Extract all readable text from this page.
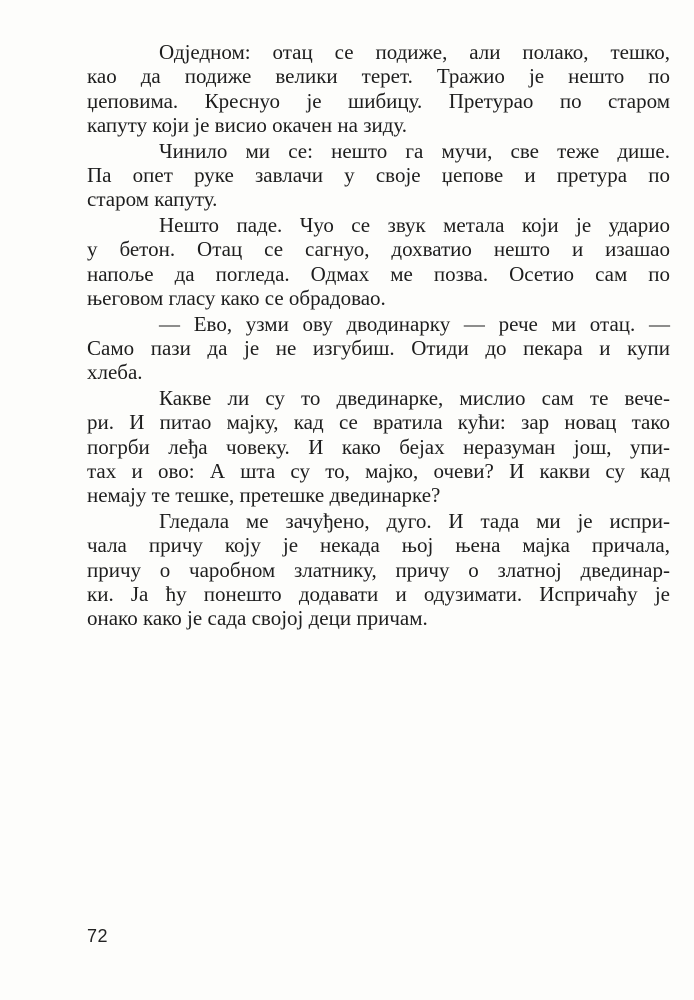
Одједном: отац се подиже, али полако, тешко,
као да подиже велики терет. Тражио је нешто по
џеповима. Креснуо је шибицу. Претурао по старом
капуту који је висио окачен на зиду.

Чинило ми се: нешто га мучи, све теже дише.
Па опет руке завлачи у своје џепове и претура по
старом капуту.

Нешто паде. Чуо се звук метала који је ударио
у бетон. Отац се сагнуо, дохватио нешто и изашао
напоље да погледа. Одмах ме позва. Осетио сам по
његовом гласу како се обрадовао.

— Ево, узми ову дводинарку — рече ми отац. —
Само пази да је не изгубиш. Отиди до пекара и купи
хлеба.

Какве ли су то двединарке, мислио сам те вече-
ри. И питао мајку, кад се вратила кући: зар новац тако
погрби леђа човеку. И како бејах неразуман још, упи-
тах и ово: А шта су то, мајко, очеви? И какви су кад
немају те тешке, претешке двединарке?

Гледала ме зачуђено, дуго. И тада ми је испри-
чала причу коју је некада њој њена мајка причала,
причу о чаробном златнику, причу о златној двединар-
ки. Ја ћу понешто додавати и одузимати. Испричаћу је
онако како је сада својој деци причам.

72
